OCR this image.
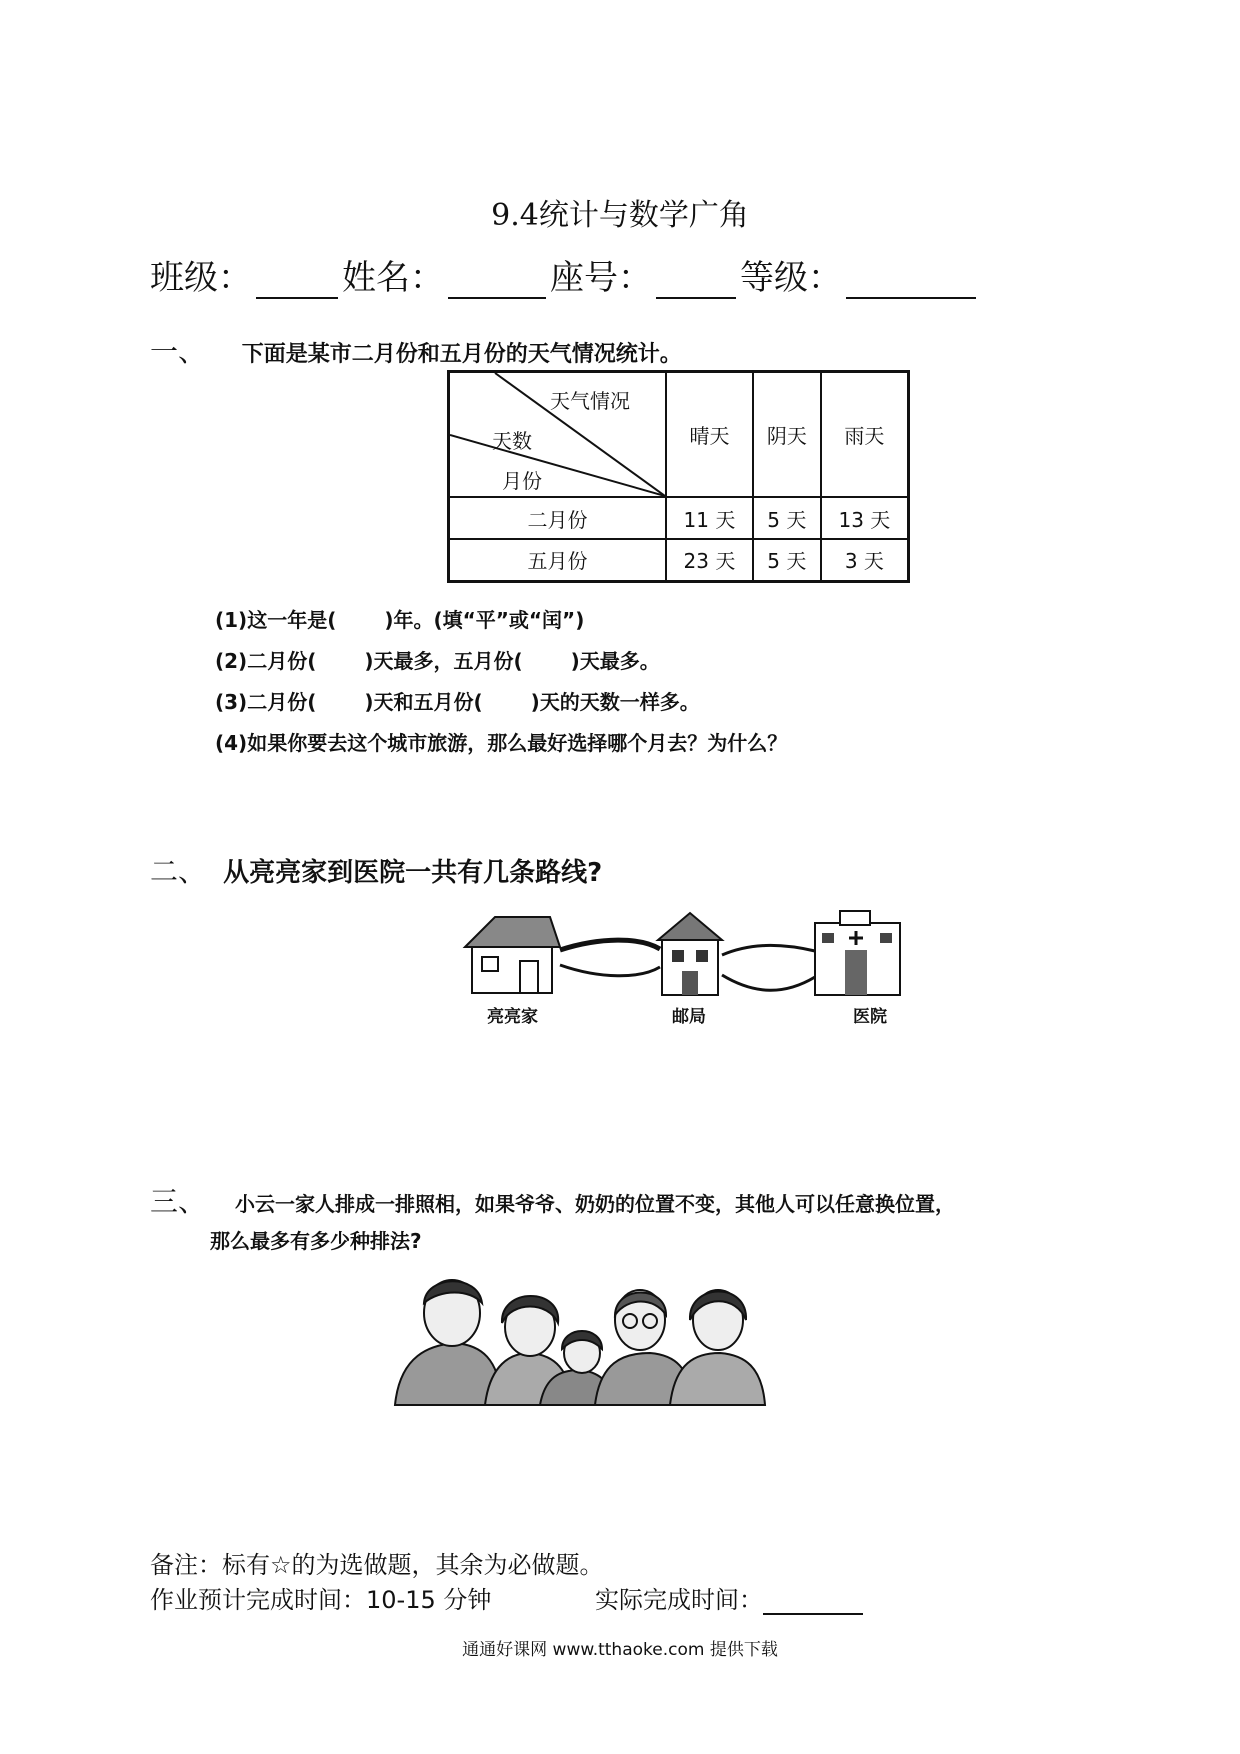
9.4统计与数学广角
班级：	姓名：	座号：	等级：
一、 下面是某市二月份和五月份的天气情况统计。
天气情况
天数
月份	晴天	阴天	雨天
二月份	11 天	5 天	13 天
五月份	23 天	5 天	3 天
(1)这一年是( )年。(填“平”或“闰”)
(2)二月份( )天最多，五月份( )天最多。
(3)二月份( )天和五月份( )天的天数一样多。
(4)如果你要去这个城市旅游，那么最好选择哪个月去？为什么？
二、 从亮亮家到医院一共有几条路线?
亮亮家	邮局	医院
三、 小云一家人排成一排照相，如果爷爷、奶奶的位置不变，其他人可以任意换位置，
那么最多有多少种排法?
备注：标有☆的为选做题，其余为必做题。
作业预计完成时间：10-15 分钟	实际完成时间：
通通好课网 www.tthaoke.com 提供下载
